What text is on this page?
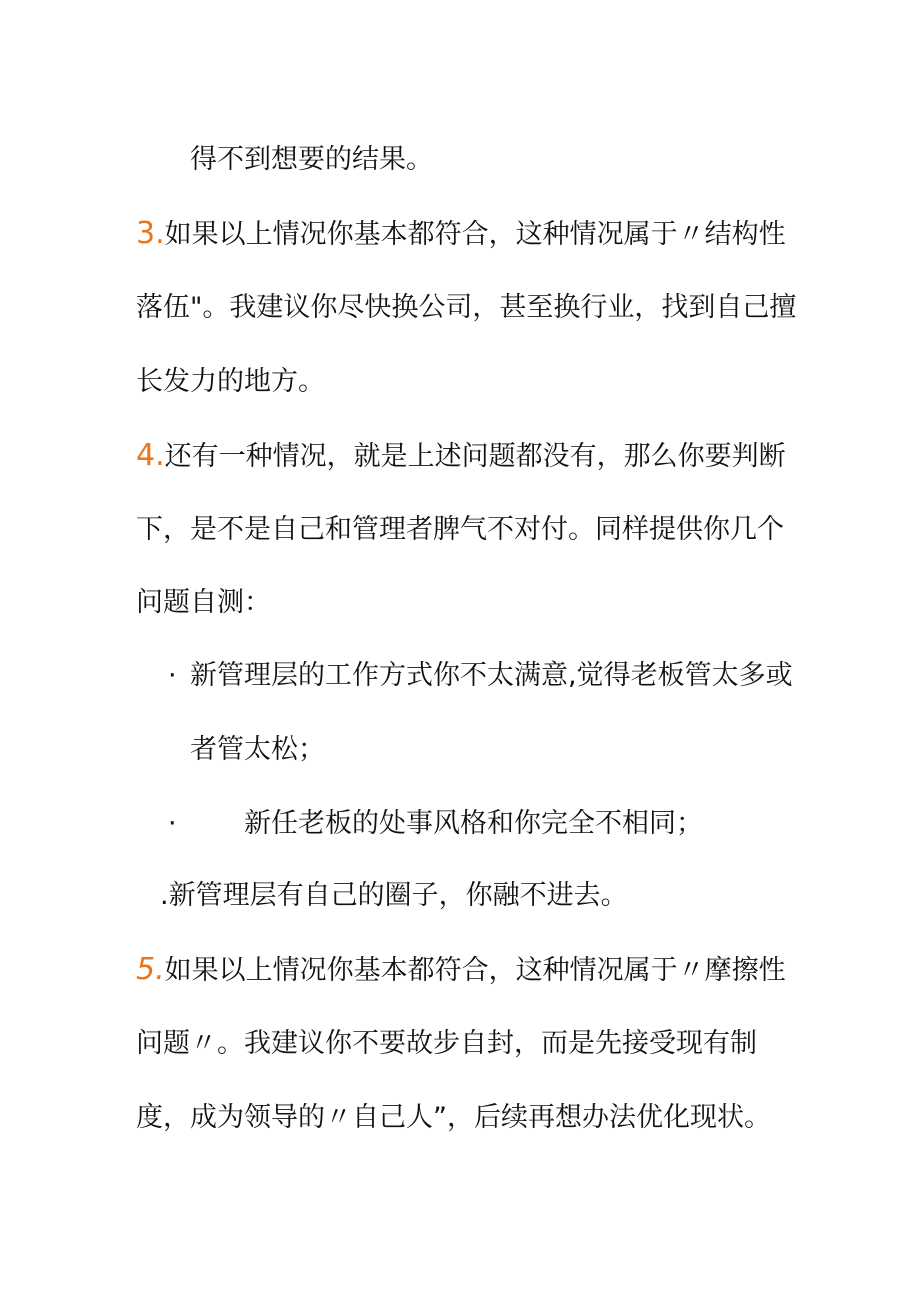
得不到想要的结果。
3.如果以上情况你基本都符合，这种情况属于〃结构性
落伍"。我建议你尽快换公司，甚至换行业，找到自己擅
长发力的地方。
4.还有一种情况，就是上述问题都没有，那么你要判断
下，是不是自己和管理者脾气不对付。同样提供你几个
问题自测：
· 新管理层的工作方式你不太满意,觉得老板管太多或
者管太松；
· 新任老板的处事风格和你完全不相同；
.新管理层有自己的圈子，你融不进去。
5.如果以上情况你基本都符合，这种情况属于〃摩擦性
问题〃。我建议你不要故步自封，而是先接受现有制
度，成为领导的〃自己人”，后续再想办法优化现状。
